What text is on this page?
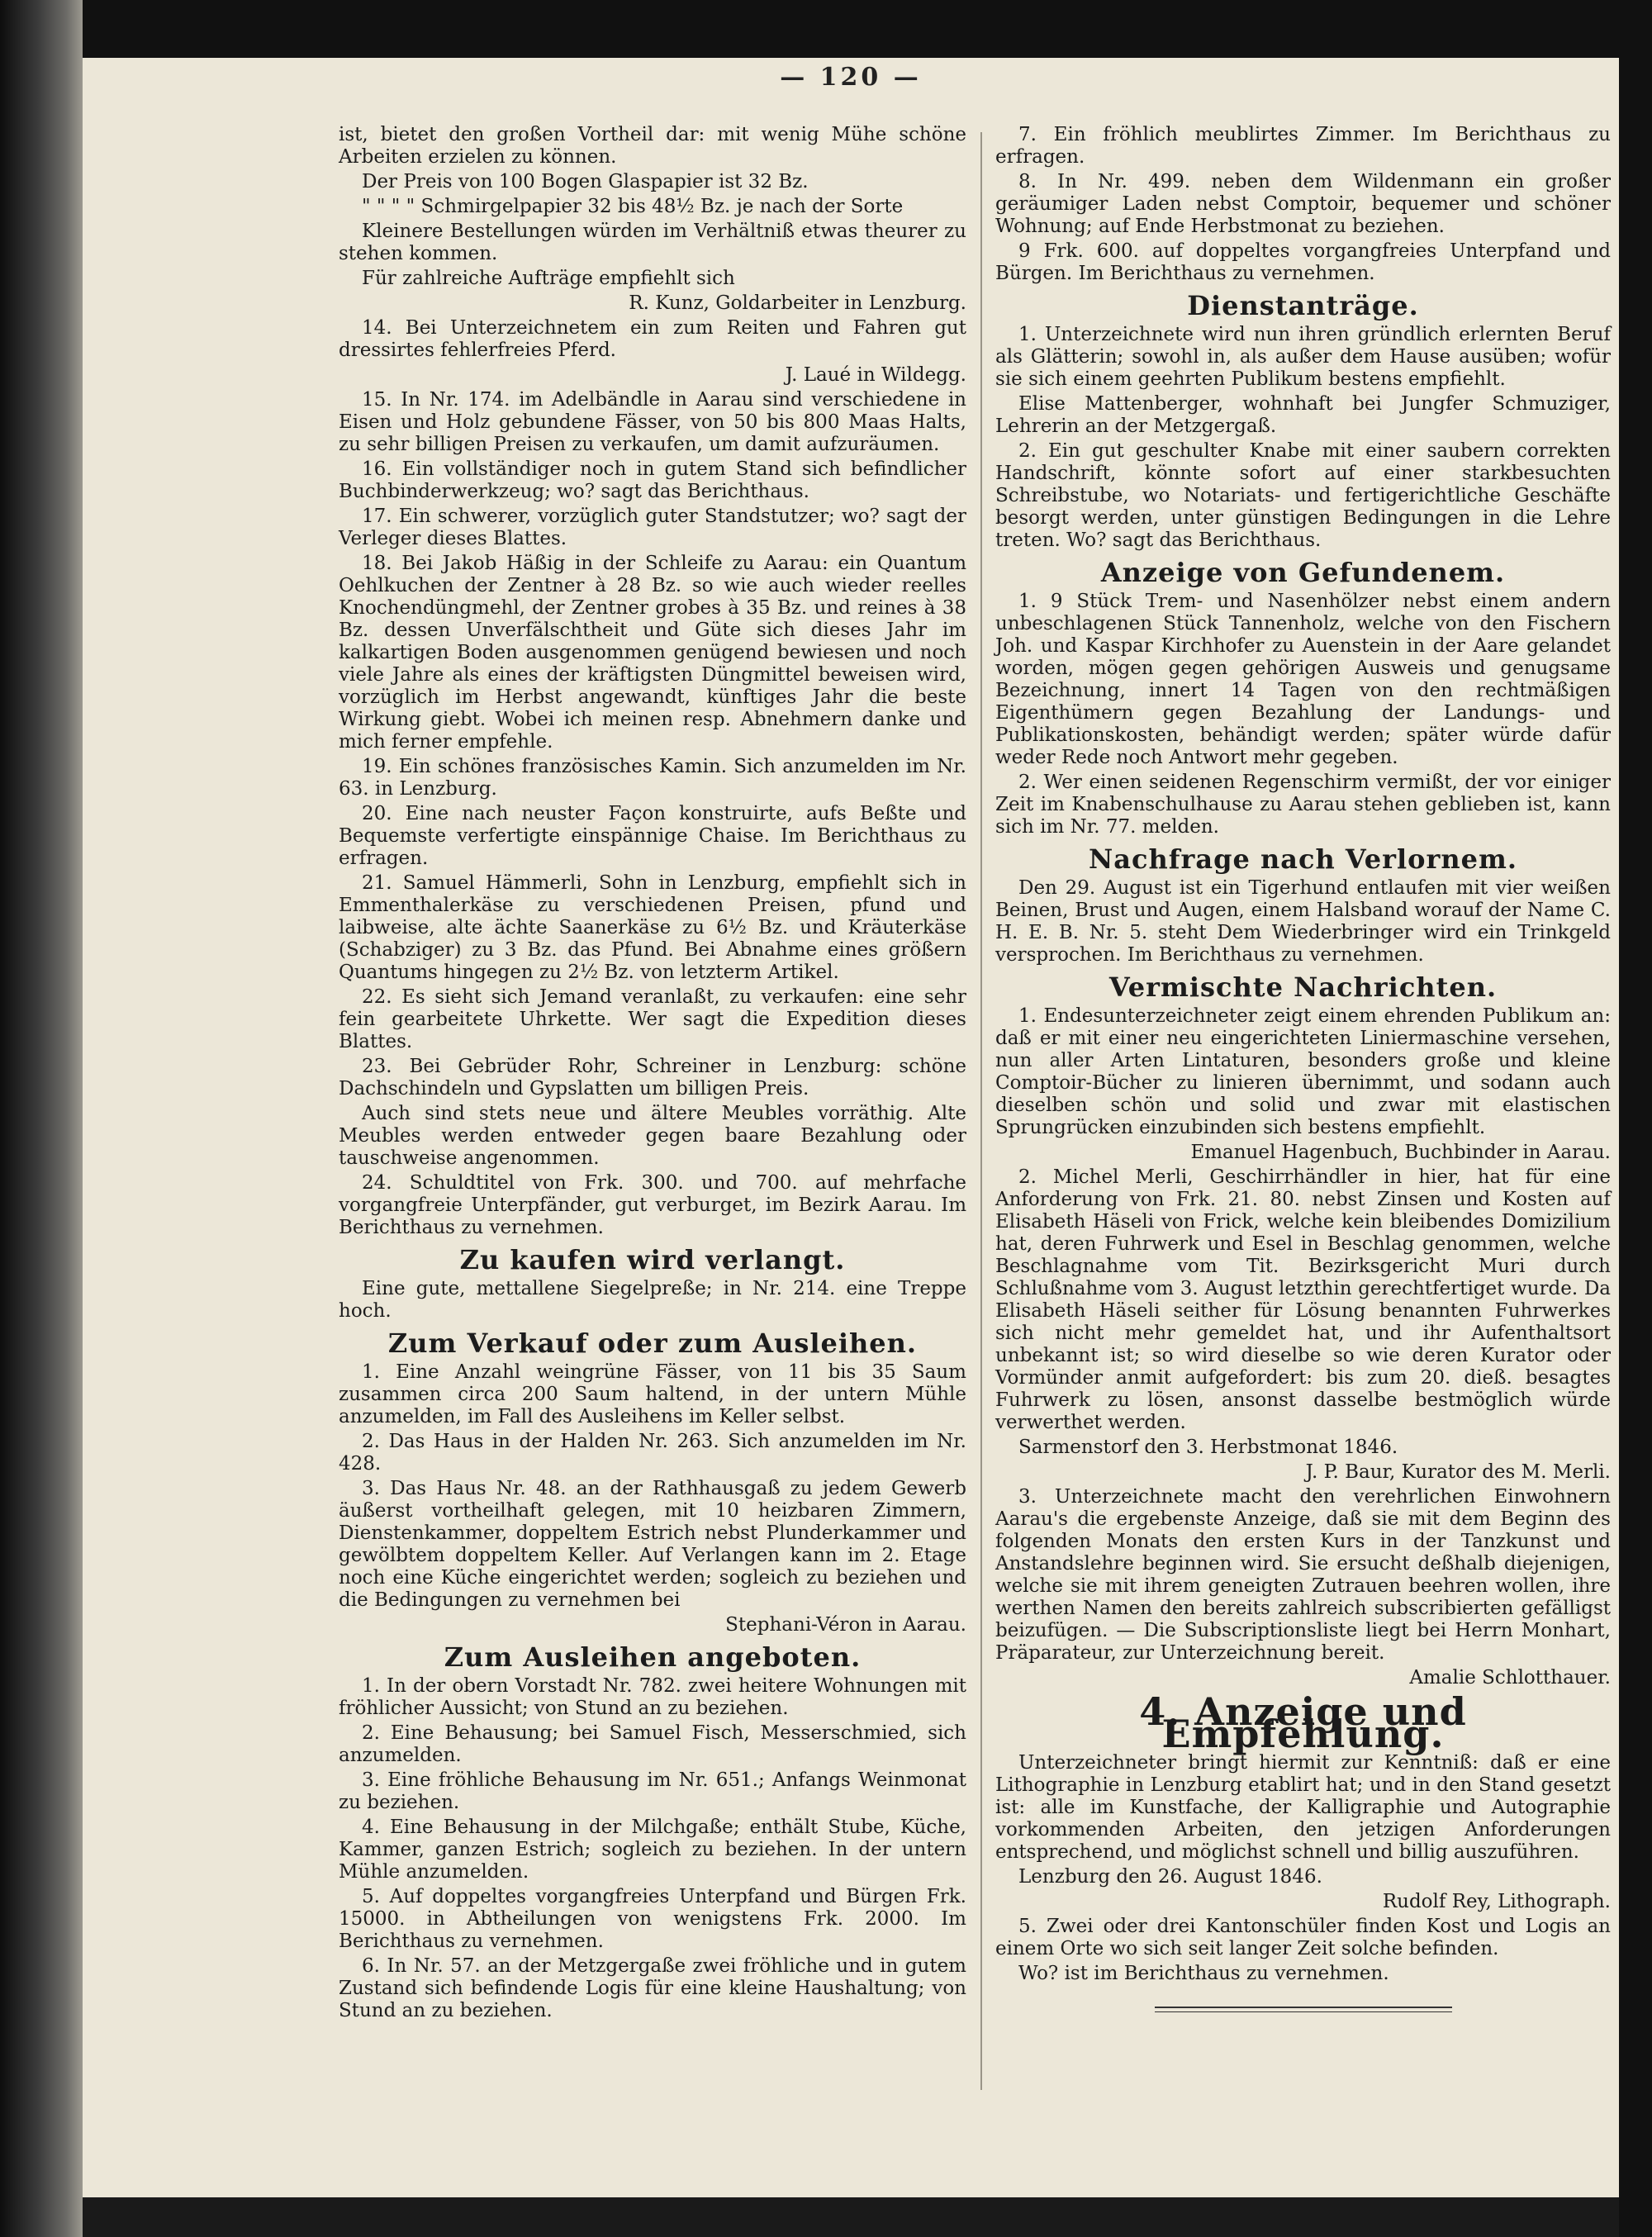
— 120 —

ist, bietet den großen Vortheil dar: mit wenig Mühe schöne Arbeiten erzielen zu können.

Der Preis von 100 Bogen Glaspapier ist 32 Bz.

" " " " Schmirgelpapier 32 bis 48½ Bz. je nach der Sorte

Kleinere Bestellungen würden im Verhältniß etwas theurer zu stehen kommen.

Für zahlreiche Aufträge empfiehlt sich

R. Kunz, Goldarbeiter in Lenzburg.

14. Bei Unterzeichnetem ein zum Reiten und Fahren gut dressirtes fehlerfreies Pferd.

J. Laué in Wildegg.

15. In Nr. 174. im Adelbändle in Aarau sind verschiedene in Eisen und Holz gebundene Fässer, von 50 bis 800 Maas Halts, zu sehr billigen Preisen zu verkaufen, um damit aufzuräumen.

16. Ein vollständiger noch in gutem Stand sich befindlicher Buchbinderwerkzeug; wo? sagt das Berichthaus.

17. Ein schwerer, vorzüglich guter Standstutzer; wo? sagt der Verleger dieses Blattes.

18. Bei Jakob Häßig in der Schleife zu Aarau: ein Quantum Oehlkuchen der Zentner à 28 Bz. so wie auch wieder reelles Knochendüngmehl, der Zentner grobes à 35 Bz. und reines à 38 Bz. dessen Unverfälschtheit und Güte sich dieses Jahr im kalkartigen Boden ausgenommen genügend bewiesen und noch viele Jahre als eines der kräftigsten Düngmittel beweisen wird, vorzüglich im Herbst angewandt, künftiges Jahr die beste Wirkung giebt. Wobei ich meinen resp. Abnehmern danke und mich ferner empfehle.

19. Ein schönes französisches Kamin. Sich anzumelden im Nr. 63. in Lenzburg.

20. Eine nach neuster Façon konstruirte, aufs Beßte und Bequemste verfertigte einspännige Chaise. Im Berichthaus zu erfragen.

21. Samuel Hämmerli, Sohn in Lenzburg, empfiehlt sich in Emmenthalerkäse zu verschiedenen Preisen, pfund und laibweise, alte ächte Saanerkäse zu 6½ Bz. und Kräuterkäse (Schabziger) zu 3 Bz. das Pfund. Bei Abnahme eines größern Quantums hingegen zu 2½ Bz. von letzterm Artikel.

22. Es sieht sich Jemand veranlaßt, zu verkaufen: eine sehr fein gearbeitete Uhrkette. Wer sagt die Expedition dieses Blattes.

23. Bei Gebrüder Rohr, Schreiner in Lenzburg: schöne Dachschindeln und Gypslatten um billigen Preis.

Auch sind stets neue und ältere Meubles vorräthig. Alte Meubles werden entweder gegen baare Bezahlung oder tauschweise angenommen.

24. Schuldtitel von Frk. 300. und 700. auf mehrfache vorgangfreie Unterpfänder, gut verburget, im Bezirk Aarau. Im Berichthaus zu vernehmen.

Zu kaufen wird verlangt.

Eine gute, mettallene Siegelpreße; in Nr. 214. eine Treppe hoch.

Zum Verkauf oder zum Ausleihen.

1. Eine Anzahl weingrüne Fässer, von 11 bis 35 Saum zusammen circa 200 Saum haltend, in der untern Mühle anzumelden, im Fall des Ausleihens im Keller selbst.

2. Das Haus in der Halden Nr. 263. Sich anzumelden im Nr. 428.

3. Das Haus Nr. 48. an der Rathhausgaß zu jedem Gewerb äußerst vortheilhaft gelegen, mit 10 heizbaren Zimmern, Dienstenkammer, doppeltem Estrich nebst Plunderkammer und gewölbtem doppeltem Keller. Auf Verlangen kann im 2. Etage noch eine Küche eingerichtet werden; sogleich zu beziehen und die Bedingungen zu vernehmen bei

Stephani-Véron in Aarau.

Zum Ausleihen angeboten.

1. In der obern Vorstadt Nr. 782. zwei heitere Wohnungen mit fröhlicher Aussicht; von Stund an zu beziehen.

2. Eine Behausung; bei Samuel Fisch, Messerschmied, sich anzumelden.

3. Eine fröhliche Behausung im Nr. 651.; Anfangs Weinmonat zu beziehen.

4. Eine Behausung in der Milchgaße; enthält Stube, Küche, Kammer, ganzen Estrich; sogleich zu beziehen. In der untern Mühle anzumelden.

5. Auf doppeltes vorgangfreies Unterpfand und Bürgen Frk. 15000. in Abtheilungen von wenigstens Frk. 2000. Im Berichthaus zu vernehmen.

6. In Nr. 57. an der Metzgergaße zwei fröhliche und in gutem Zustand sich befindende Logis für eine kleine Haushaltung; von Stund an zu beziehen.

7. Ein fröhlich meublirtes Zimmer. Im Berichthaus zu erfragen.

8. In Nr. 499. neben dem Wildenmann ein großer geräumiger Laden nebst Comptoir, bequemer und schöner Wohnung; auf Ende Herbstmonat zu beziehen.

9 Frk. 600. auf doppeltes vorgangfreies Unterpfand und Bürgen. Im Berichthaus zu vernehmen.

Dienstanträge.

1. Unterzeichnete wird nun ihren gründlich erlernten Beruf als Glätterin; sowohl in, als außer dem Hause ausüben; wofür sie sich einem geehrten Publikum bestens empfiehlt.

Elise Mattenberger, wohnhaft bei Jungfer Schmuziger, Lehrerin an der Metzgergaß.

2. Ein gut geschulter Knabe mit einer saubern correkten Handschrift, könnte sofort auf einer starkbesuchten Schreibstube, wo Notariats- und fertigerichtliche Geschäfte besorgt werden, unter günstigen Bedingungen in die Lehre treten. Wo? sagt das Berichthaus.

Anzeige von Gefundenem.

1. 9 Stück Trem- und Nasenhölzer nebst einem andern unbeschlagenen Stück Tannenholz, welche von den Fischern Joh. und Kaspar Kirchhofer zu Auenstein in der Aare gelandet worden, mögen gegen gehörigen Ausweis und genugsame Bezeichnung, innert 14 Tagen von den rechtmäßigen Eigenthümern gegen Bezahlung der Landungs- und Publikationskosten, behändigt werden; später würde dafür weder Rede noch Antwort mehr gegeben.

2. Wer einen seidenen Regenschirm vermißt, der vor einiger Zeit im Knabenschulhause zu Aarau stehen geblieben ist, kann sich im Nr. 77. melden.

Nachfrage nach Verlornem.

Den 29. August ist ein Tigerhund entlaufen mit vier weißen Beinen, Brust und Augen, einem Halsband worauf der Name C. H. E. B. Nr. 5. steht Dem Wiederbringer wird ein Trinkgeld versprochen. Im Berichthaus zu vernehmen.

Vermischte Nachrichten.

1. Endesunterzeichneter zeigt einem ehrenden Publikum an: daß er mit einer neu eingerichteten Liniermaschine versehen, nun aller Arten Lintaturen, besonders große und kleine Comptoir-Bücher zu linieren übernimmt, und sodann auch dieselben schön und solid und zwar mit elastischen Sprungrücken einzubinden sich bestens empfiehlt.

Emanuel Hagenbuch, Buchbinder in Aarau.

2. Michel Merli, Geschirrhändler in hier, hat für eine Anforderung von Frk. 21. 80. nebst Zinsen und Kosten auf Elisabeth Häseli von Frick, welche kein bleibendes Domizilium hat, deren Fuhrwerk und Esel in Beschlag genommen, welche Beschlagnahme vom Tit. Bezirksgericht Muri durch Schlußnahme vom 3. August letzthin gerechtfertiget wurde. Da Elisabeth Häseli seither für Lösung benannten Fuhrwerkes sich nicht mehr gemeldet hat, und ihr Aufenthaltsort unbekannt ist; so wird dieselbe so wie deren Kurator oder Vormünder anmit aufgefordert: bis zum 20. dieß. besagtes Fuhrwerk zu lösen, ansonst dasselbe bestmöglich würde verwerthet werden.

Sarmenstorf den 3. Herbstmonat 1846.

J. P. Baur, Kurator des M. Merli.

3. Unterzeichnete macht den verehrlichen Einwohnern Aarau's die ergebenste Anzeige, daß sie mit dem Beginn des folgenden Monats den ersten Kurs in der Tanzkunst und Anstandslehre beginnen wird. Sie ersucht deßhalb diejenigen, welche sie mit ihrem geneigten Zutrauen beehren wollen, ihre werthen Namen den bereits zahlreich subscribierten gefälligst beizufügen. — Die Subscriptionsliste liegt bei Herrn Monhart, Präparateur, zur Unterzeichnung bereit.

Amalie Schlotthauer.

4. Anzeige und Empfehlung.

Unterzeichneter bringt hiermit zur Kenntniß: daß er eine Lithographie in Lenzburg etablirt hat; und in den Stand gesetzt ist: alle im Kunstfache, der Kalligraphie und Autographie vorkommenden Arbeiten, den jetzigen Anforderungen entsprechend, und möglichst schnell und billig auszuführen.

Lenzburg den 26. August 1846.

Rudolf Rey, Lithograph.

5. Zwei oder drei Kantonschüler finden Kost und Logis an einem Orte wo sich seit langer Zeit solche befinden.

Wo? ist im Berichthaus zu vernehmen.
